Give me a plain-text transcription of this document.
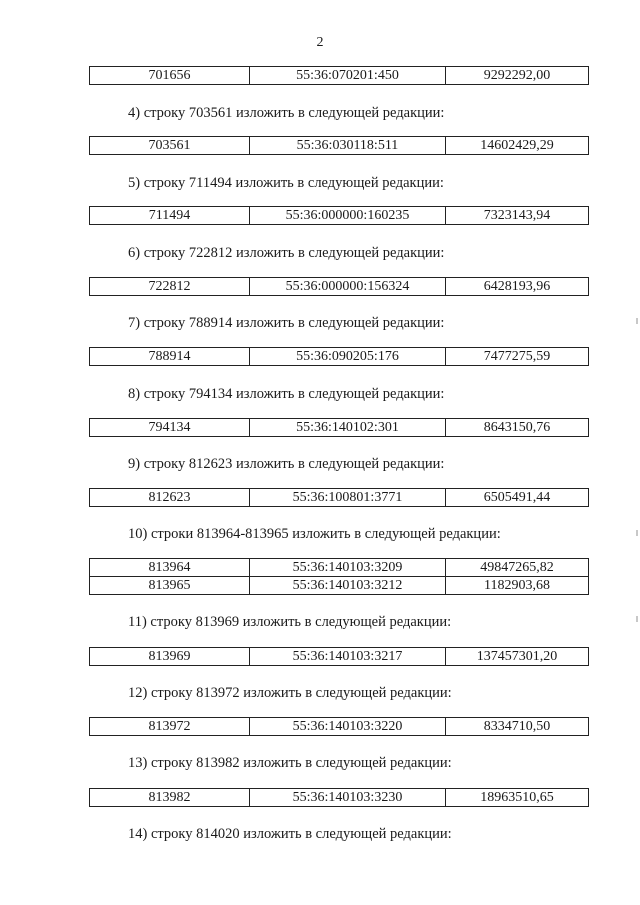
2
701656	55:36:070201:450	9292292,00
4) строку 703561 изложить в следующей редакции:
703561	55:36:030118:511	14602429,29
5) строку 711494 изложить в следующей редакции:
711494	55:36:000000:160235	7323143,94
6) строку 722812 изложить в следующей редакции:
722812	55:36:000000:156324	6428193,96
7) строку 788914 изложить в следующей редакции:
788914	55:36:090205:176	7477275,59
8) строку 794134 изложить в следующей редакции:
794134	55:36:140102:301	8643150,76
9) строку 812623 изложить в следующей редакции:
812623	55:36:100801:3771	6505491,44
10) строки 813964-813965 изложить в следующей редакции:
813964	55:36:140103:3209	49847265,82
813965	55:36:140103:3212	1182903,68
11) строку 813969 изложить в следующей редакции:
813969	55:36:140103:3217	137457301,20
12) строку 813972 изложить в следующей редакции:
813972	55:36:140103:3220	8334710,50
13) строку 813982 изложить в следующей редакции:
813982	55:36:140103:3230	18963510,65
14) строку 814020 изложить в следующей редакции:
